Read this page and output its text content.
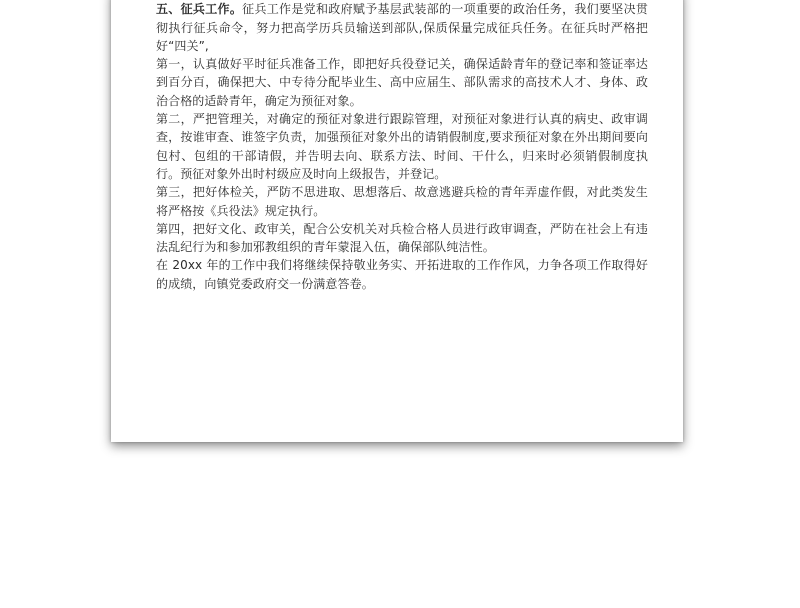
五、征兵工作。征兵工作是党和政府赋予基层武装部的一项重要的政治任务，我们要坚决贯彻执行征兵命令，努力把高学历兵员输送到部队,保质保量完成征兵任务。在征兵时严格把好“四关”,

第一，认真做好平时征兵准备工作，即把好兵役登记关，确保适龄青年的登记率和签证率达到百分百，确保把大、中专待分配毕业生、高中应届生、部队需求的高技术人才、身体、政治合格的适龄青年，确定为预征对象。

第二，严把管理关，对确定的预征对象进行跟踪管理，对预征对象进行认真的病史、政审调查，按谁审查、谁签字负责，加强预征对象外出的请销假制度,要求预征对象在外出期间要向包村、包组的干部请假，并告明去向、联系方法、时间、干什么，归来时必须销假制度执行。预征对象外出时村级应及时向上级报告，并登记。

第三，把好体检关，严防不思进取、思想落后、故意逃避兵检的青年弄虚作假，对此类发生将严格按《兵役法》规定执行。

第四，把好文化、政审关，配合公安机关对兵检合格人员进行政审调查，严防在社会上有违法乱纪行为和参加邪教组织的青年蒙混入伍，确保部队纯洁性。

在 20xx 年的工作中我们将继续保持敬业务实、开拓进取的工作作风，力争各项工作取得好的成绩，向镇党委政府交一份满意答卷。
